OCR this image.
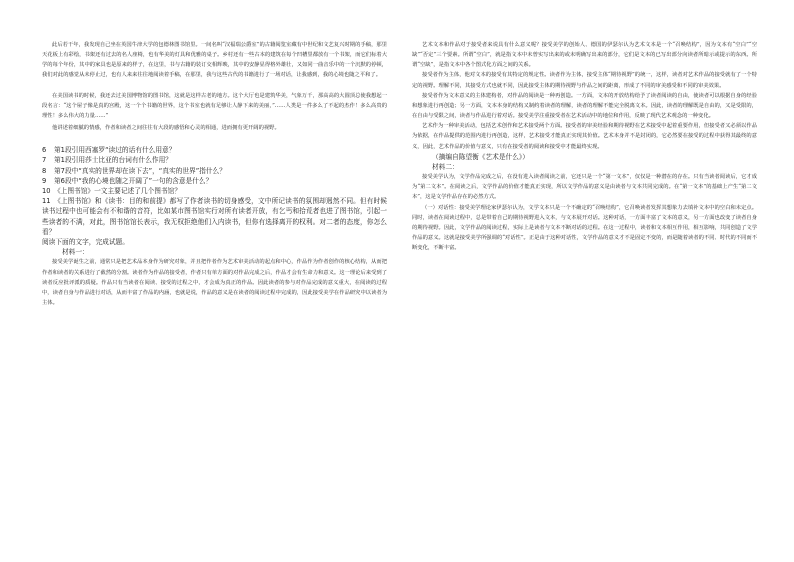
此后若干年，我发现自己坐在英国牛津大学的包德林图书馆里。一间名叫“汉福瑞公爵室”的古籍阅览室藏有中世纪和文艺复兴时期的手稿，那里天花板上有彩绘，书架还有过去的名人座椅，也有华美的灯具和优雅的桌子。乡村还有一些古本的建筑在每个凹槽里都放有一个书架，而它们标着大学的每个年份，其中的家具也是原来的样子，在这里，书与古籍的装订交相辉映，其中的安静显得格外雄壮，又如同一曲音乐中的一个沉默的停顿，我们对此的感觉从未停止过，也有人来来往往地阅读着手稿，在那里，我与这些古代的书籍进行了一场对话，让我感到，我的心境也随之平和了。

在美国读书的时候，我还去过美国博物馆的图书馆，这就是这样古老的地方。这个大厅也是建筑华美，气象万千，那高高的大圆顶总使我想起一段名言：“这个屋子像是真的宫殿，这一个个书籍的世界，这个书室也就有足够让人静下来的美丽，”……人类是一件多么了不起的杰作！多么高贵的理性！多么伟大的力量……”

他讲述着细腻的情感，作者和读者之间往往有大段的感悟和心灵的相通，进而拥有更开阔的视野。

6 第1段引用西塞罗“读过的话有什么用意？

7 第1段引用莎士比亚的台词有什么作用？

8 第7段中“真实的世界却在读下去”，“真实的世界”指什么？

9 第6段中“我的心境也随之开阔了”一句的含意是什么？

10 《上图书馆》一文主要记述了几个图书馆？

11　《上图书馆》和《读书：目的和前提》都写了作者读书的切身感受，文中所记读书的氛围却迥然不同。但有时候读书过程中也可能会有不和谐的音符，比如某市图书馆实行对所有读者开放，有乞丐和拾荒者也进了图书馆，引起一些读者的不满，对此，图书馆馆长表示，我无权拒绝他们入内读书，但你有选择离开的权利。对二者的态度，你怎么看？

阅读下面的文字，完成试题。

材料一：

接受美学诞生之前，通常只是把艺术品本身作为研究对象，并且把作者作为艺术审美活动的起点和中心，作品作为作者创作的核心结构，从而把作者和读者的关系进行了截然的分割。读者作为作品的接受者，作者只有单方面的对作品完成之后，作品才会有生命力和意义。这一理论后来受到了读者反应批评派的质疑。作品只有当读者在阅读、接受的过程之中，才会成为真正的作品。因此读者的参与对作品完成的意义重大，在阅读的过程中，读者自身与作品进行对话，从而丰富了作品的内涵，也就是说，作品的意义是在读者的阅读过程中完成的，因此接受美学在作品研究中以读者为主体。

艺术文本和作品对于接受者来说具有什么意义呢？接受美学的创始人、德国的伊瑟尔认为艺术文本是一个“召唤结构”，因为文本有“空白”“空缺”“否定”三个要素。所谓“空白”，就是指文本中未曾实写出来的或未明确写出来的部分，它们是文本的已写出部分向读者所暗示或提示的东西。所谓“空缺”，是指文本中各个图式化方面之间的关系。

接受者作为主体，他对文本的接受有其特定的规定性。读者作为主体，接受主体“期待视野”的统一，这样，读者对艺术作品的接受就有了一个特定的视野。理解不同，其接受方式也就不同，因此接受主体的期待视野与作品之间的距离，形成了不同的审美感受和不同的审美效果。

接受者作为文本意义的主体建构者，对作品的阅读是一种再创造。一方面，文本的开放结构给予了读者阅读的自由，使读者可以根据自身的经验和想象进行再创造；另一方面，文本本身的结构又制约着读者的理解，读者的理解不能完全脱离文本。因此，读者的理解既是自由的，又是受限的，在自由与受限之间，读者与作品进行着对话。接受美学注重接受者在艺术活动中的地位和作用，反映了现代艺术观念的一种变化。

艺术作为一种审美活动，包括艺术创作和艺术接受两个方面。接受者的审美经验和期待视野在艺术接受中起着重要作用，但接受者又必须以作品为依据，在作品提供的范围内进行再创造，这样，艺术接受才能真正实现其价值。艺术本身并不是封闭的，它必然要在接受的过程中获得其最终的意义，因此，艺术作品的价值与意义，只有在接受者的阅读和接受中才能最终实现。

（摘编自陈望衡《艺术是什么》）

材料二：

接受美学认为，文学作品完成之后，在没有进入读者阅读之前，它还只是一个“第一文本”，仅仅是一种潜在的存在。只有当读者阅读后，它才成为“第二文本”。在阅读之后，文学作品的价值才能真正实现，所以文学作品的意义是由读者与文本共同完成的。在“第一文本”的基础上产生“第二文本”，这是文学作品存在的必然方式。

（一）对话性：接受美学理论家伊瑟尔认为，文学文本只是一个不确定的“召唤结构”，它召唤读者发挥其想象力去填补文本中的空白和未定点。同时，读者在阅读过程中，总是带着自己的期待视野进入文本，与文本展开对话。这种对话，一方面丰富了文本的意义，另一方面也改变了读者自身的期待视野。因此，文学作品的阅读过程，实际上是读者与文本不断对话的过程。在这一过程中，读者和文本相互作用，相互影响，共同创造了文学作品的意义。这就是接受美学所强调的“对话性”。正是由于这种对话性，文学作品的意义才不是固定不变的，而是随着读者的不同、时代的不同而不断变化，不断丰富。
